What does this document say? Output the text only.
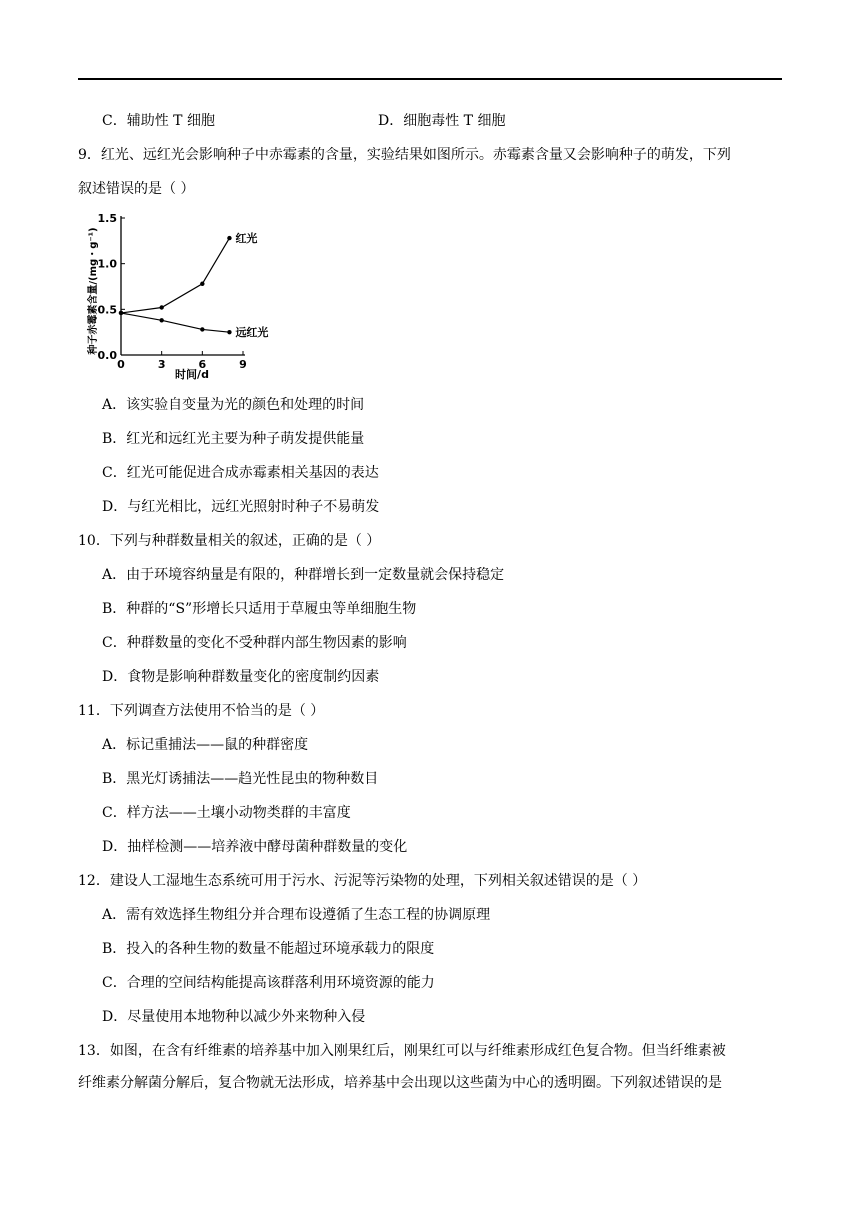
C．辅助性 T 细胞	D．细胞毒性 T 细胞
9．红光、远红光会影响种子中赤霉素的含量，实验结果如图所示。赤霉素含量又会影响种子的萌发，下列
叙述错误的是（ ）
种子赤霉素含量/(mg・g⁻¹)
0.0
0.5
1.0
1.5
0	3	6	9
红光
远红光
时间/d
A．该实验自变量为光的颜色和处理的时间
B．红光和远红光主要为种子萌发提供能量
C．红光可能促进合成赤霉素相关基因的表达
D．与红光相比，远红光照射时种子不易萌发
10．下列与种群数量相关的叙述，正确的是（ ）
A．由于环境容纳量是有限的，种群增长到一定数量就会保持稳定
B．种群的“S”形增长只适用于草履虫等单细胞生物
C．种群数量的变化不受种群内部生物因素的影响
D．食物是影响种群数量变化的密度制约因素
11．下列调查方法使用不恰当的是（ ）
A．标记重捕法——鼠的种群密度
B．黑光灯诱捕法——趋光性昆虫的物种数目
C．样方法——土壤小动物类群的丰富度
D．抽样检测——培养液中酵母菌种群数量的变化
12．建设人工湿地生态系统可用于污水、污泥等污染物的处理，下列相关叙述错误的是（ ）
A．需有效选择生物组分并合理布设遵循了生态工程的协调原理
B．投入的各种生物的数量不能超过环境承载力的限度
C．合理的空间结构能提高该群落利用环境资源的能力
D．尽量使用本地物种以减少外来物种入侵
13．如图，在含有纤维素的培养基中加入刚果红后，刚果红可以与纤维素形成红色复合物。但当纤维素被
纤维素分解菌分解后，复合物就无法形成，培养基中会出现以这些菌为中心的透明圈。下列叙述错误的是
